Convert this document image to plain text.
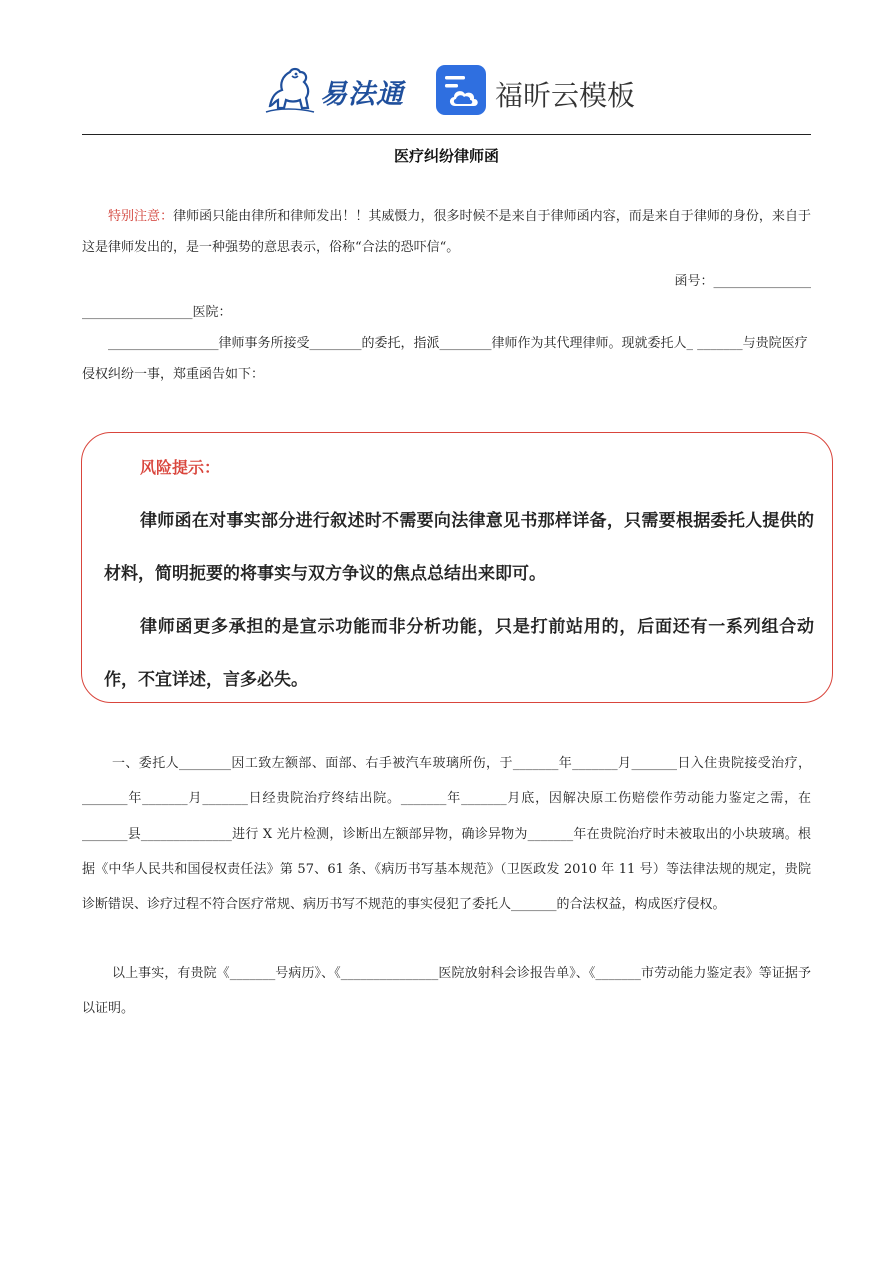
易法通	福昕云模板
医疗纠纷律师函
特别注意：律师函只能由律所和律师发出！！其威慑力，很多时候不是来自于律师函内容，而是来自于律师的身份，来自于这是律师发出的，是一种强势的意思表示，俗称“合法的恐吓信“。
函号：_______________
_________________医院：
_________________律师事务所接受________的委托，指派________律师作为其代理律师。现就委托人_ _______与贵院医疗侵权纠纷一事，郑重函告如下：
风险提示：
律师函在对事实部分进行叙述时不需要向法律意见书那样详备，只需要根据委托人提供的材料，简明扼要的将事实与双方争议的焦点总结出来即可。
律师函更多承担的是宣示功能而非分析功能，只是打前站用的，后面还有一系列组合动作，不宜详述，言多必失。
一、委托人________因工致左额部、面部、右手被汽车玻璃所伤，于_______年_______月_______日入住贵院接受治疗，_______年_______月_______日经贵院治疗终结出院。_______年_______月底，因解决原工伤赔偿作劳动能力鉴定之需，在_______县______________进行 X 光片检测，诊断出左额部异物，确诊异物为_______年在贵院治疗时未被取出的小块玻璃。根据《中华人民共和国侵权责任法》第 57、61 条、《病历书写基本规范》（卫医政发 2010 年 11 号）等法律法规的规定，贵院诊断错误、诊疗过程不符合医疗常规、病历书写不规范的事实侵犯了委托人_______的合法权益，构成医疗侵权。
以上事实，有贵院《_______号病历》、《_______________医院放射科会诊报告单》、《_______市劳动能力鉴定表》等证据予以证明。
